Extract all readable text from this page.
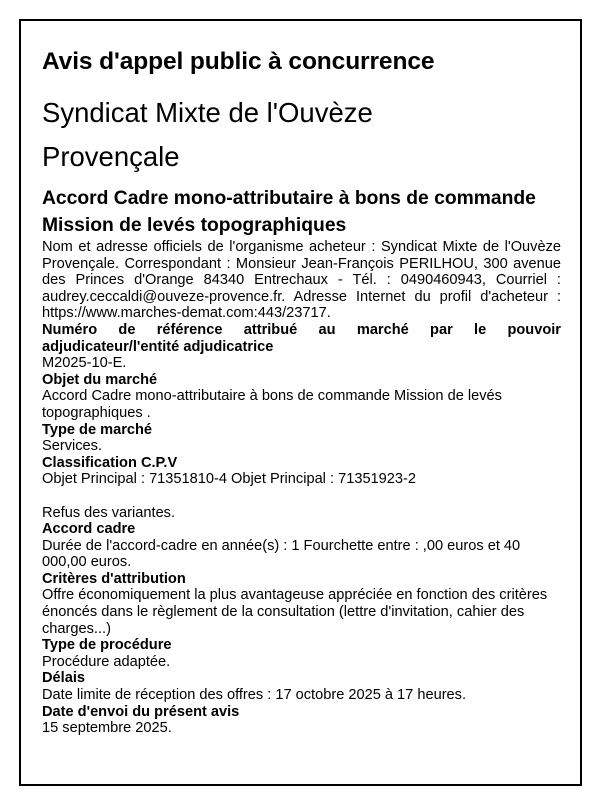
Avis d'appel public à concurrence
Syndicat Mixte de l'Ouvèze
Provençale
Accord Cadre mono-attributaire à bons de commande Mission de levés topographiques

Nom et adresse officiels de l'organisme acheteur : Syndicat Mixte de l'Ouvèze Provençale. Correspondant : Monsieur Jean-François PERILHOU, 300 avenue des Princes d'Orange 84340 Entrechaux - Tél. : 0490460943, Courriel : audrey.ceccaldi@ouveze-provence.fr. Adresse Internet du profil d'acheteur : https://www.marches-demat.com:443/23717.

Numéro de référence attribué au marché par le pouvoir adjudicateur/l'entité adjudicatrice

M2025-10-E.

Objet du marché

Accord Cadre mono-attributaire à bons de commande Mission de levés topographiques .

Type de marché

Services.

Classification C.P.V

Objet Principal : 71351810-4 Objet Principal : 71351923-2

Refus des variantes.

Accord cadre

Durée de l'accord-cadre en année(s) : 1 Fourchette entre : ,00 euros et 40 000,00 euros.

Critères d'attribution

Offre économiquement la plus avantageuse appréciée en fonction des critères énoncés dans le règlement de la consultation (lettre d'invitation, cahier des charges...)

Type de procédure

Procédure adaptée.

Délais

Date limite de réception des offres : 17 octobre 2025 à 17 heures.

Date d'envoi du présent avis

15 septembre 2025.
